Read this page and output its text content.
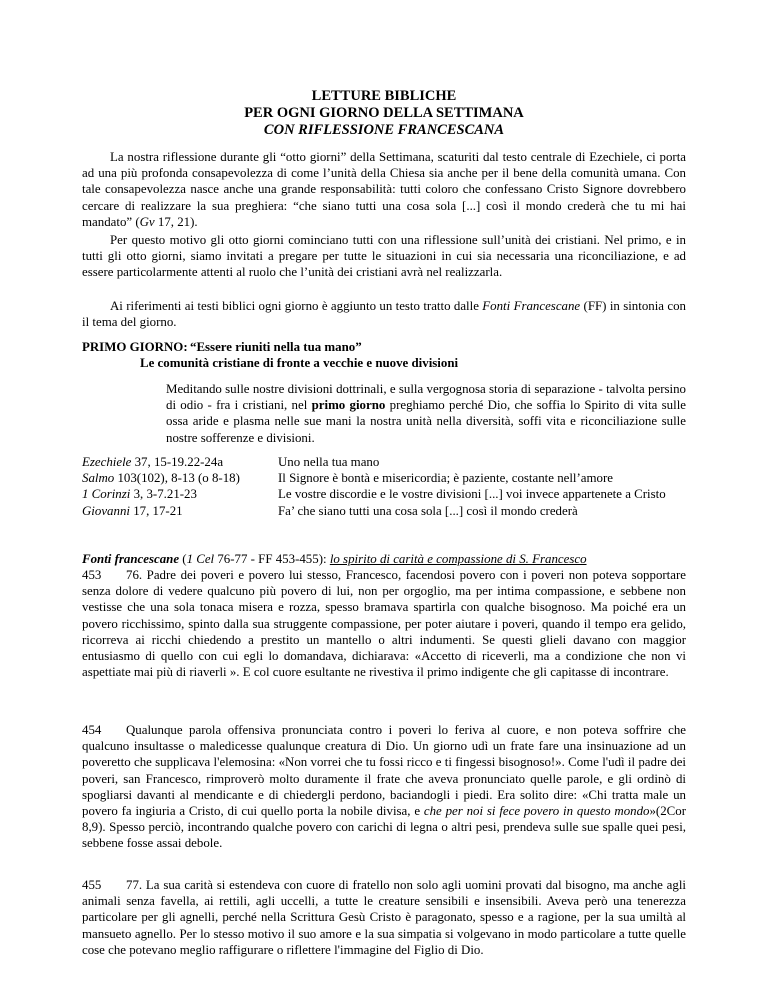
LETTURE BIBLICHE
PER OGNI GIORNO DELLA SETTIMANA
CON RIFLESSIONE FRANCESCANA

La nostra riflessione durante gli “otto giorni” della Settimana, scaturiti dal testo centrale di Ezechiele, ci porta ad una più profonda consapevolezza di come l’unità della Chiesa sia anche per il bene della comunità umana. Con tale consapevolezza nasce anche una grande responsabilità: tutti coloro che confessano Cristo Signore dovrebbero cercare di realizzare la sua preghiera: “che siano tutti una cosa sola [...] così il mondo crederà che tu mi hai mandato” (Gv 17, 21).

Per questo motivo gli otto giorni cominciano tutti con una riflessione sull’unità dei cristiani. Nel primo, e in tutti gli otto giorni, siamo invitati a pregare per tutte le situazioni in cui sia necessaria una riconciliazione, e ad essere particolarmente attenti al ruolo che l’unità dei cristiani avrà nel realizzarla.

Ai riferimenti ai testi biblici ogni giorno è aggiunto un testo tratto dalle Fonti Francescane (FF) in sintonia con il tema del giorno.

PRIMO GIORNO: “Essere riuniti nella tua mano”
Le comunità cristiane di fronte a vecchie e nuove divisioni

Meditando sulle nostre divisioni dottrinali, e sulla vergognosa storia di separazione - talvolta persino di odio - fra i cristiani, nel primo giorno preghiamo perché Dio, che soffia lo Spirito di vita sulle ossa aride e plasma nelle sue mani la nostra unità nella diversità, soffi vita e riconciliazione sulle nostre sofferenze e divisioni.

Ezechiele 37, 15-19.22-24a	Uno nella tua mano
Salmo 103(102), 8-13 (o 8-18)	Il Signore è bontà e misericordia; è paziente, costante nell’amore
1 Corinzi 3, 3-7.21-23	Le vostre discordie e le vostre divisioni [...] voi invece appartenete a Cristo
Giovanni 17, 17-21	Fa’ che siano tutti una cosa sola [...] così il mondo crederà
Fonti francescane (1 Cel 76-77 - FF 453-455): lo spirito di carità e compassione di S. Francesco

453 76. Padre dei poveri e povero lui stesso, Francesco, facendosi povero con i poveri non poteva sopportare senza dolore di vedere qualcuno più povero di lui, non per orgoglio, ma per intima compassione, e sebbene non vestisse che una sola tonaca misera e rozza, spesso bramava spartirla con qualche bisognoso. Ma poiché era un povero ricchissimo, spinto dalla sua struggente compassione, per poter aiutare i poveri, quando il tempo era gelido, ricorreva ai ricchi chiedendo a prestito un mantello o altri indumenti. Se questi glieli davano con maggior entusiasmo di quello con cui egli lo domandava, dichiarava: «Accetto di riceverli, ma a condizione che non vi aspettiate mai più di riaverli ». E col cuore esultante ne rivestiva il primo indigente che gli capitasse di incontrare.

454 Qualunque parola offensiva pronunciata contro i poveri lo feriva al cuore, e non poteva soffrire che qualcuno insultasse o maledicesse qualunque creatura di Dio. Un giorno udì un frate fare una insinuazione ad un poveretto che supplicava l'elemosina: «Non vorrei che tu fossi ricco e ti fingessi bisognoso!». Come l'udì il padre dei poveri, san Francesco, rimproverò molto duramente il frate che aveva pronunciato quelle parole, e gli ordinò di spogliarsi davanti al mendicante e di chiedergli perdono, baciandogli i piedi. Era solito dire: «Chi tratta male un povero fa ingiuria a Cristo, di cui quello porta la nobile divisa, e che per noi si fece povero in questo mondo»(2Cor 8,9). Spesso perciò, incontrando qualche povero con carichi di legna o altri pesi, prendeva sulle sue spalle quei pesi, sebbene fosse assai debole.

455 77. La sua carità si estendeva con cuore di fratello non solo agli uomini provati dal bisogno, ma anche agli animali senza favella, ai rettili, agli uccelli, a tutte le creature sensibili e insensibili. Aveva però una tenerezza particolare per gli agnelli, perché nella Scrittura Gesù Cristo è paragonato, spesso e a ragione, per la sua umiltà al mansueto agnello. Per lo stesso motivo il suo amore e la sua simpatia si volgevano in modo particolare a tutte quelle cose che potevano meglio raffigurare o riflettere l'immagine del Figlio di Dio.
